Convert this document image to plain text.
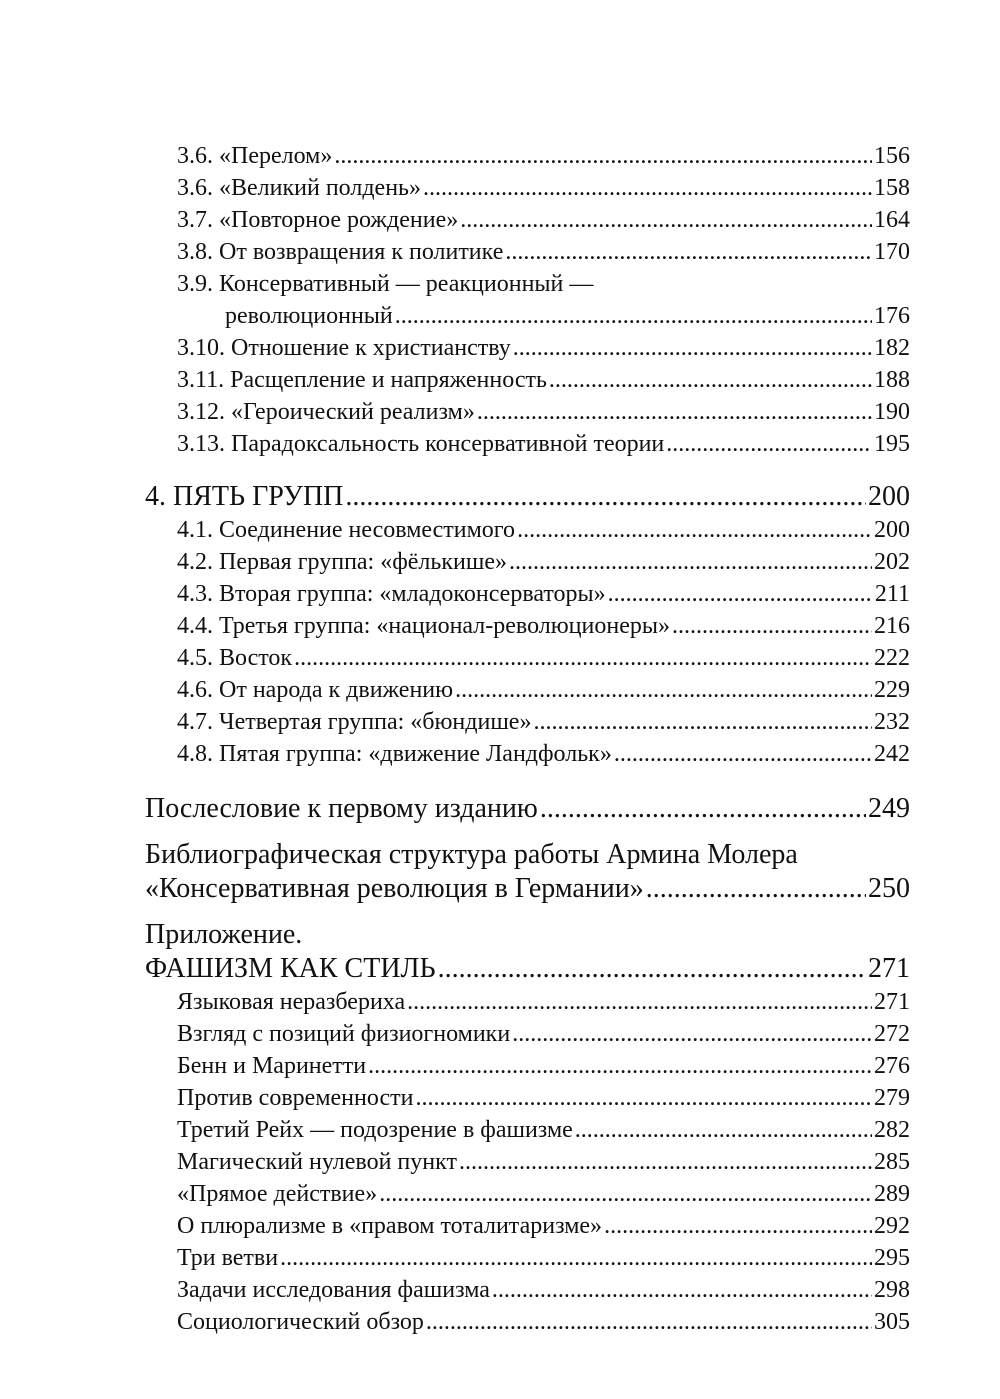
3.6. «Перелом» .....	156
3.6. «Великий полдень» .....	158
3.7. «Повторное рождение» .....	164
3.8. От возвращения к политике .....	170
3.9. Консервативный — реакционный —
революционный .....	176
3.10. Отношение к христианству .....	182
3.11. Расщепление и напряженность .....	188
3.12. «Героический реализм» .....	190
3.13. Парадоксальность консервативной теории .....	195
4. ПЯТЬ ГРУПП .....	200
4.1. Соединение несовместимого .....	200
4.2. Первая группа: «фёлькише» .....	202
4.3. Вторая группа: «младоконсерваторы» .....	211
4.4. Третья группа: «национал-революционеры» .....	216
4.5. Восток .....	222
4.6. От народа к движению .....	229
4.7. Четвертая группа: «бюндише» .....	232
4.8. Пятая группа: «движение Ландфольк» .....	242
Послесловие к первому изданию .....	249
Библиографическая структура работы Армина Молера
«Консервативная революция в Германии» .....	250
Приложение.
ФАШИЗМ КАК СТИЛЬ .....	271
Языковая неразбериха .....	271
Взгляд с позиций физиогномики .....	272
Бенн и Маринетти .....	276
Против современности .....	279
Третий Рейх — подозрение в фашизме .....	282
Магический нулевой пункт .....	285
«Прямое действие» .....	289
О плюрализме в «правом тоталитаризме» .....	292
Три ветви .....	295
Задачи исследования фашизма .....	298
Социологический обзор .....	305
